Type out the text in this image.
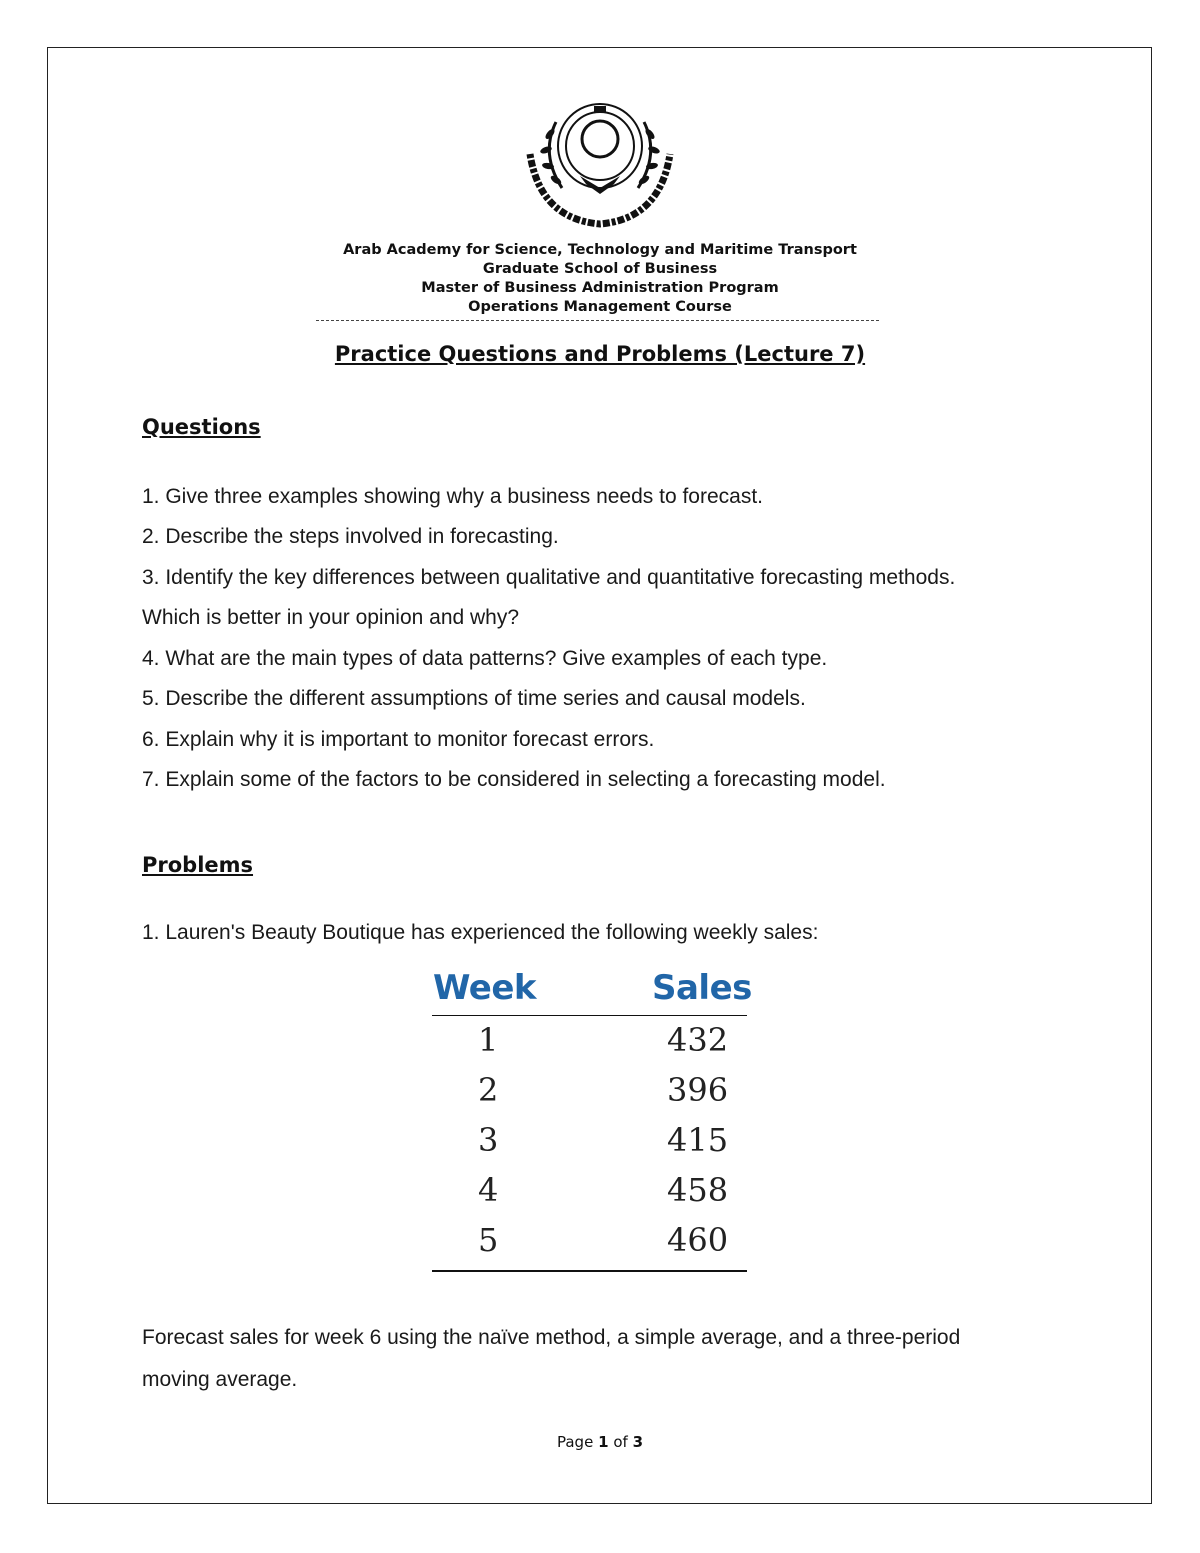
Arab Academy for Science, Technology and Maritime Transport
Graduate School of Business
Master of Business Administration Program
Operations Management Course
Practice Questions and Problems (Lecture 7)
Questions
1. Give three examples showing why a business needs to forecast.
2. Describe the steps involved in forecasting.
3. Identify the key differences between qualitative and quantitative forecasting methods.
Which is better in your opinion and why?
4. What are the main types of data patterns? Give examples of each type.
5. Describe the different assumptions of time series and causal models.
6. Explain why it is important to monitor forecast errors.
7. Explain some of the factors to be considered in selecting a forecasting model.
Problems
1. Lauren's Beauty Boutique has experienced the following weekly sales:
Week	Sales
1	432
2	396
3	415
4	458
5	460
Forecast sales for week 6 using the naïve method, a simple average, and a three-period
moving average.
Page 1 of 3
